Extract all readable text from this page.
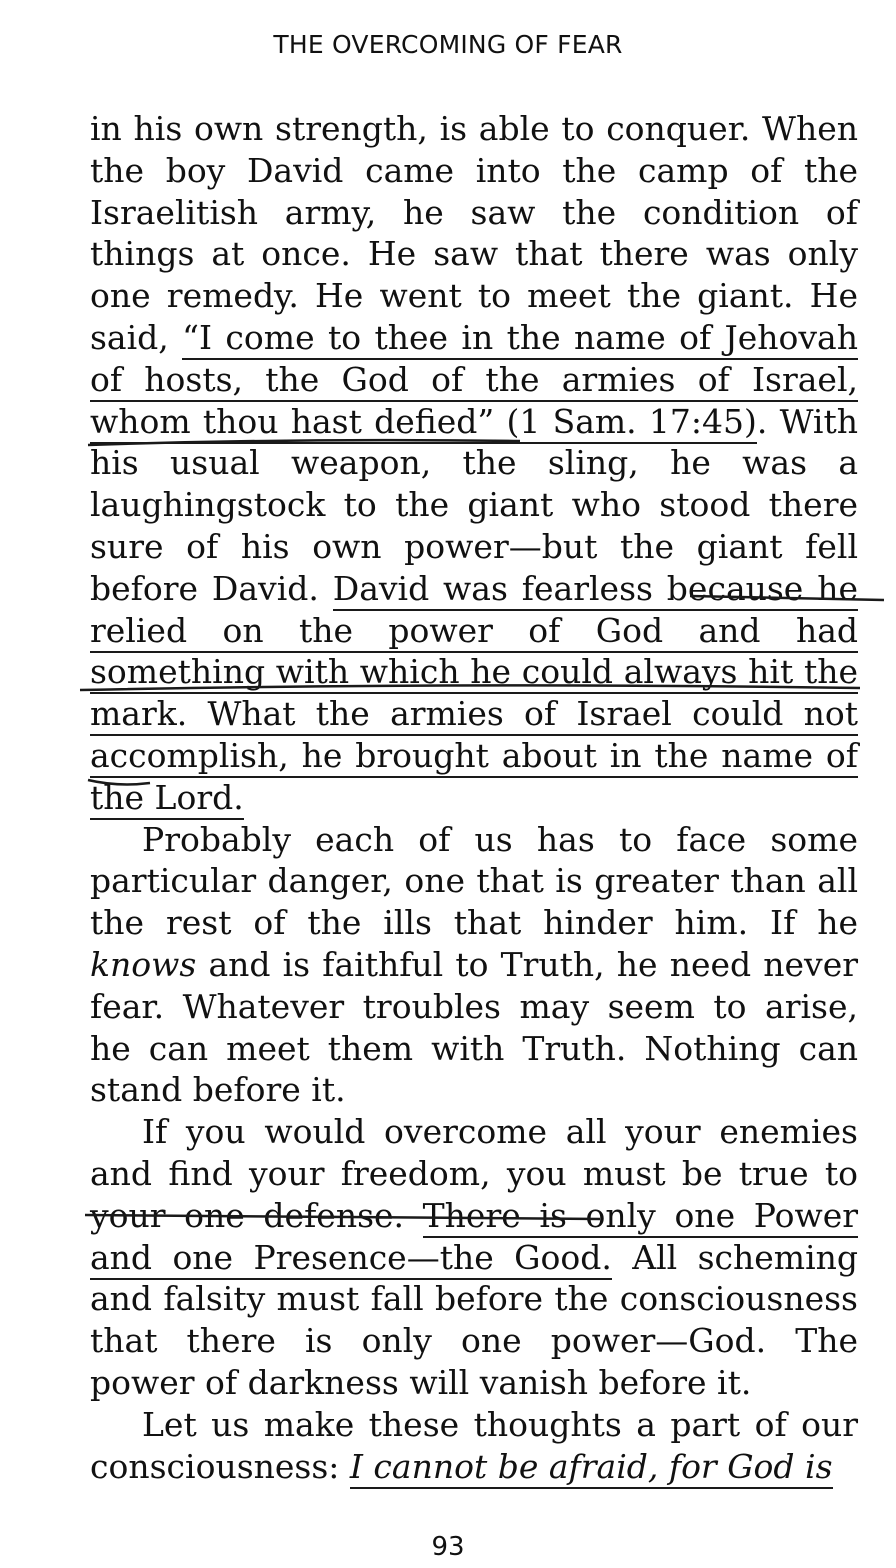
THE OVERCOMING OF FEAR

in his own strength, is able to conquer. When the boy David came into the camp of the Israelitish army, he saw the condition of things at once. He saw that there was only one remedy. He went to meet the giant. He said, “I come to thee in the name of Jehovah of hosts, the God of the armies of Israel, whom thou hast defied” (1 Sam. 17:45). With his usual weapon, the sling, he was a laughingstock to the giant who stood there sure of his own power—but the giant fell before David. David was fearless because he relied on the power of God and had something with which he could always hit the mark. What the armies of Israel could not accomplish, he brought about in the name of the Lord.

Probably each of us has to face some particular danger, one that is greater than all the rest of the ills that hinder him. If he knows and is faithful to Truth, he need never fear. Whatever troubles may seem to arise, he can meet them with Truth. Nothing can stand before it.

If you would overcome all your enemies and find your freedom, you must be true to your one defense. There is only one Power and one Presence—the Good. All scheming and falsity must fall before the consciousness that there is only one power—God. The power of darkness will vanish before it.

Let us make these thoughts a part of our consciousness: I cannot be afraid, for God is

93
